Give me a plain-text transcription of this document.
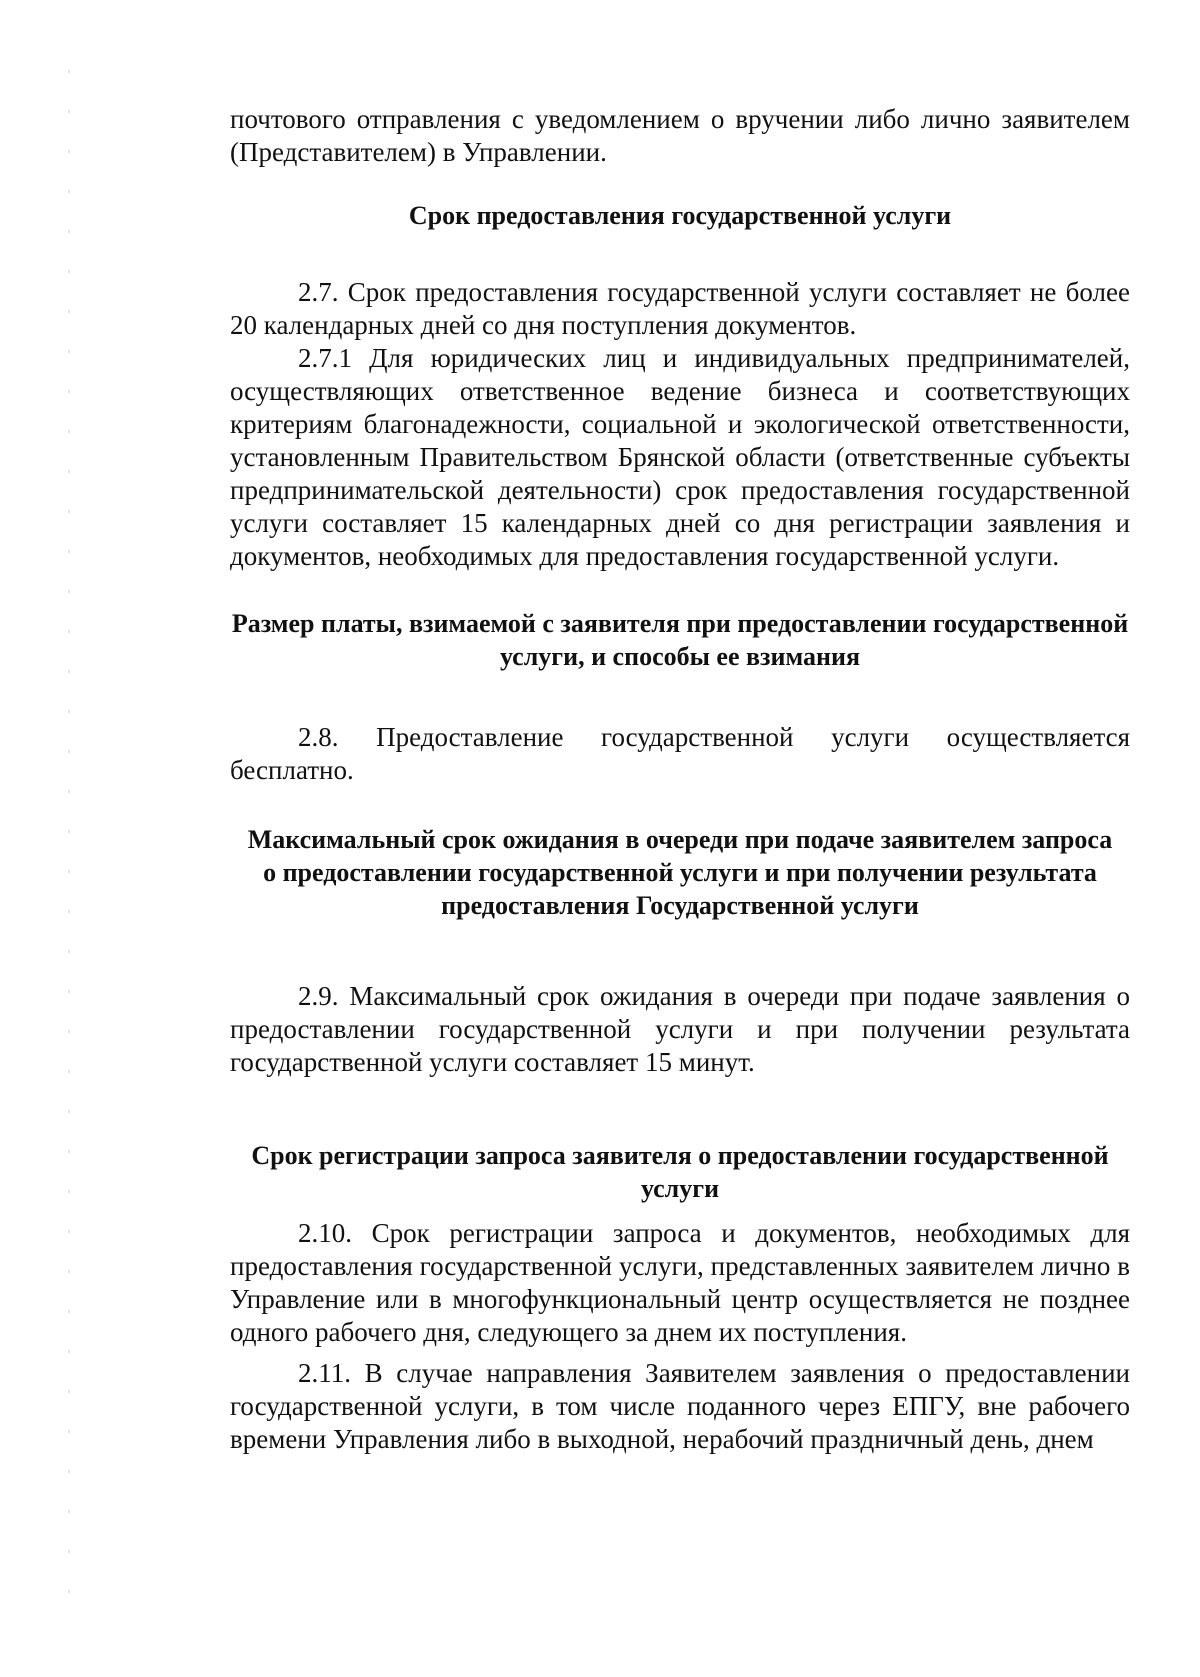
почтового отправления с уведомлением о вручении либо лично заявителем (Представителем) в Управлении.

Срок предоставления государственной услуги

2.7. Срок предоставления государственной услуги составляет не более 20 календарных дней со дня поступления документов.

2.7.1 Для юридических лиц и индивидуальных предпринимателей, осуществляющих ответственное ведение бизнеса и соответствующих критериям благонадежности, социальной и экологической ответственности, установленным Правительством Брянской области (ответственные субъекты предпринимательской деятельности) срок предоставления государственной услуги составляет 15 календарных дней со дня регистрации заявления и документов, необходимых для предоставления государственной услуги.

Размер платы, взимаемой с заявителя при предоставлении государственной услуги, и способы ее взимания

2.8. Предоставление государственной услуги осуществляется бесплатно.

Максимальный срок ожидания в очереди при подаче заявителем запроса о предоставлении государственной услуги и при получении результата предоставления Государственной услуги

2.9. Максимальный срок ожидания в очереди при подаче заявления о предоставлении государственной услуги и при получении результата государственной услуги составляет 15 минут.

Срок регистрации запроса заявителя о предоставлении государственной услуги

2.10. Срок регистрации запроса и документов, необходимых для предоставления государственной услуги, представленных заявителем лично в Управление или в многофункциональный центр осуществляется не позднее одного рабочего дня, следующего за днем их поступления.

2.11. В случае направления Заявителем заявления о предоставлении государственной услуги, в том числе поданного через ЕПГУ, вне рабочего времени Управления либо в выходной, нерабочий праздничный день, днем
